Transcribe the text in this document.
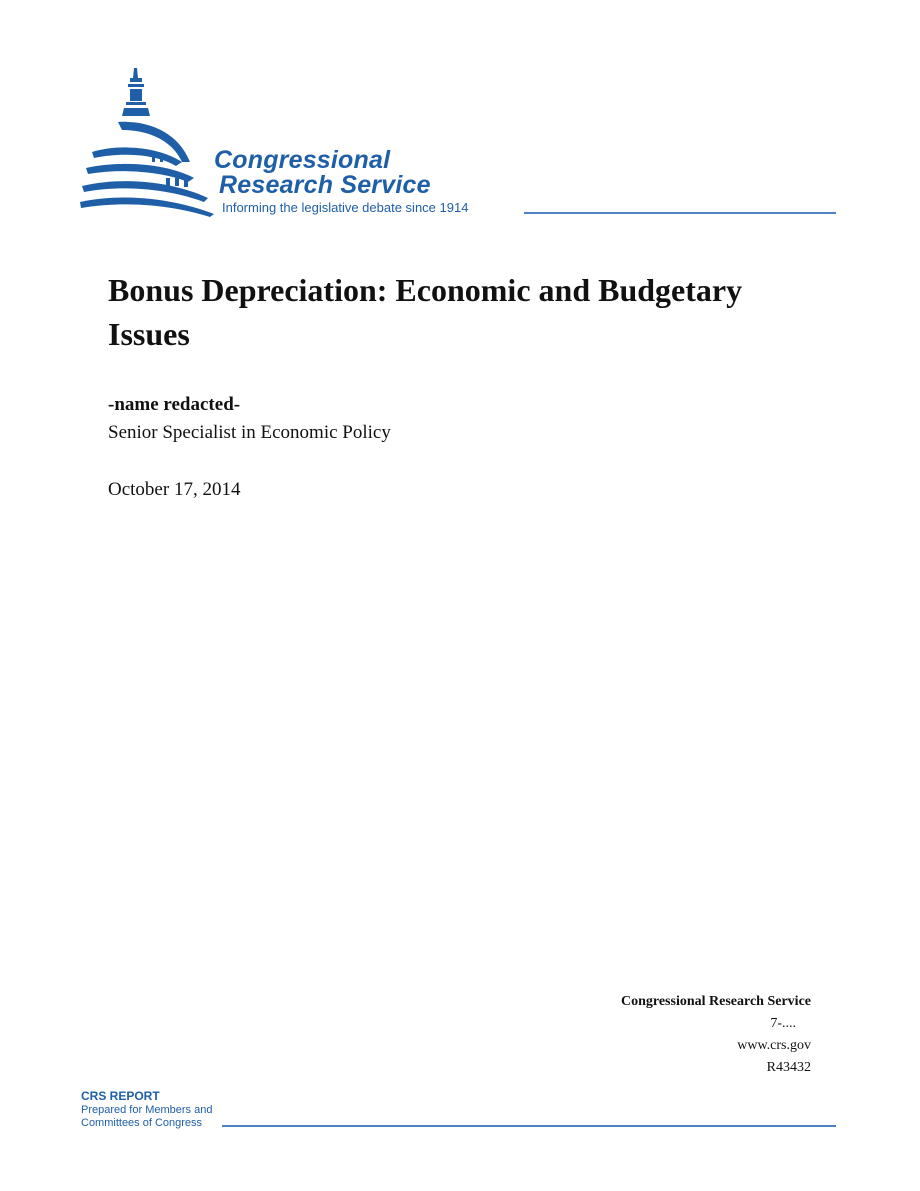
Congressional
Research Service
Informing the legislative debate since 1914
Bonus Depreciation: Economic and Budgetary Issues

-name redacted-

Senior Specialist in Economic Policy

October 17, 2014

Congressional Research Service
7-....
www.crs.gov
R43432
CRS REPORT
Prepared for Members and
Committees of Congress
